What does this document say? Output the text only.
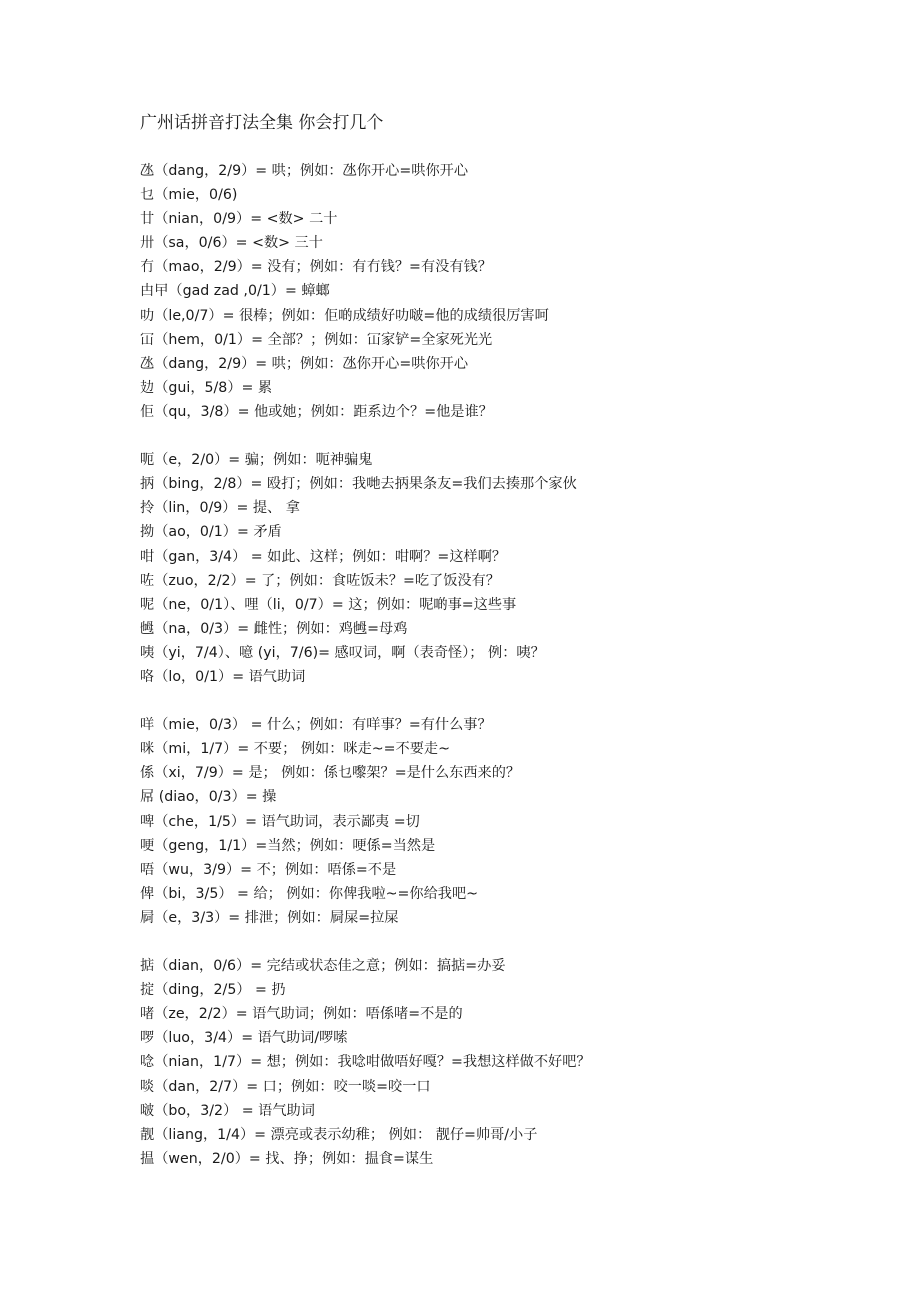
广州话拼音打法全集 你会打几个
氹（dang，2/9）= 哄；例如：氹你开心=哄你开心
乜（mie，0/6)
廿（nian，0/9）= <数> 二十
卅（sa，0/6）= <数> 三十
冇（mao，2/9）= 没有；例如：有冇钱？=有没有钱？
甴曱（gad zad ,0/1）= 蟑螂
叻（le,0/7）= 很棒；例如：佢啲成绩好叻啵=他的成绩很厉害呵
冚（hem，0/1）= 全部？；例如：冚家铲=全家死光光
氹（dang，2/9）= 哄；例如：氹你开心=哄你开心
攰（gui，5/8）= 累
佢（qu，3/8）= 他或她；例如：距系边个？=他是谁？
呃（e，2/0）= 骗；例如：呃神骗鬼
抦（bing，2/8）= 殴打；例如：我哋去抦果条友=我们去揍那个家伙
拎（lin，0/9）= 提、 拿
拗（ao，0/1）= 矛盾
咁（gan，3/4） = 如此、这样；例如：咁啊？=这样啊？
咗（zuo，2/2）= 了；例如：食咗饭未？=吃了饭没有？
呢（ne，0/1）、哩（li，0/7）= 这；例如：呢啲事=这些事
乸（na，0/3）= 雌性；例如：鸡乸=母鸡
咦（yi，7/4）、噫 (yi，7/6)= 感叹词，啊（表奇怪）； 例：咦？
咯（lo，0/1）= 语气助词
咩（mie，0/3） = 什么；例如：有咩事？=有什么事？
咪（mi，1/7）= 不要； 例如：咪走~=不要走~
係（xi，7/9）= 是； 例如：係乜嚟架？=是什么东西来的？
屌 (diao，0/3）= 操
啤（che，1/5）= 语气助词，表示鄙夷 =切
哽（geng，1/1）=当然；例如：哽係=当然是
唔（wu，3/9）= 不；例如：唔係=不是
俾（bi，3/5） = 给； 例如：你俾我啦~=你给我吧~
屙（e，3/3）= 排泄；例如：屙屎=拉屎
掂（dian，0/6）= 完结或状态佳之意；例如：搞掂=办妥
掟（ding，2/5） = 扔
啫（ze，2/2）= 语气助词；例如：唔係啫=不是的
啰（luo，3/4）= 语气助词/啰嗦
唸（nian，1/7）= 想；例如：我唸咁做唔好嘎？=我想这样做不好吧？
啖（dan，2/7）= 口；例如：咬一啖=咬一口
啵（bo，3/2） = 语气助词
靓（liang，1/4）= 漂亮或表示幼稚； 例如： 靓仔=帅哥/小子
揾（wen，2/0）= 找、挣；例如：揾食=谋生
